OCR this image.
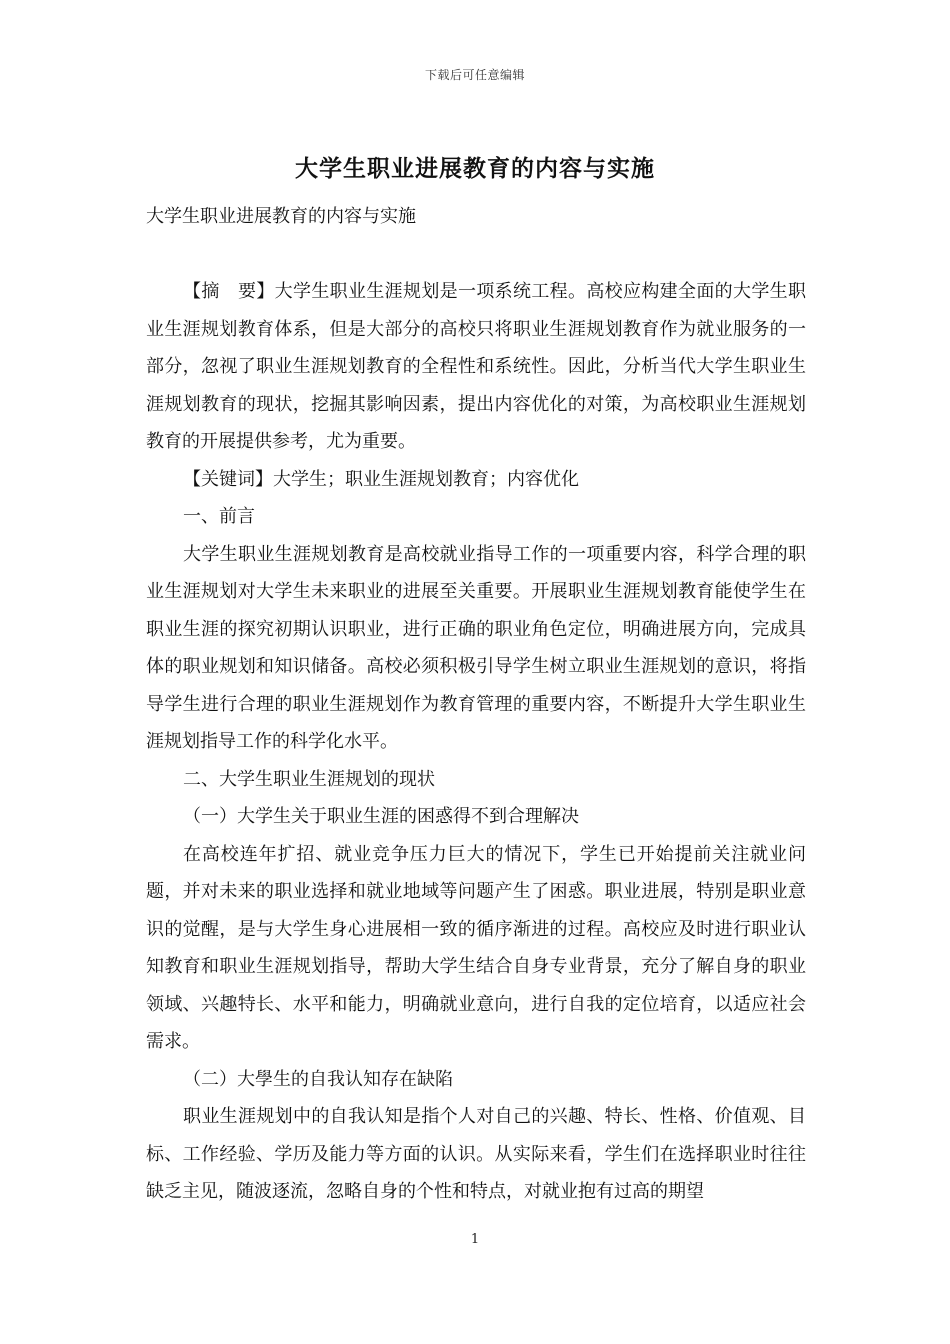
下载后可任意编辑
大学生职业进展教育的内容与实施

大学生职业进展教育的内容与实施

【摘　要】大学生职业生涯规划是一项系统工程。高校应构建全面的大学生职业生涯规划教育体系，但是大部分的高校只将职业生涯规划教育作为就业服务的一部分，忽视了职业生涯规划教育的全程性和系统性。因此，分析当代大学生职业生涯规划教育的现状，挖掘其影响因素，提出内容优化的对策，为高校职业生涯规划教育的开展提供参考，尤为重要。

【关键词】大学生；职业生涯规划教育；内容优化

一、前言

大学生职业生涯规划教育是高校就业指导工作的一项重要内容，科学合理的职业生涯规划对大学生未来职业的进展至关重要。开展职业生涯规划教育能使学生在职业生涯的探究初期认识职业，进行正确的职业角色定位，明确进展方向，完成具体的职业规划和知识储备。高校必须积极引导学生树立职业生涯规划的意识，将指导学生进行合理的职业生涯规划作为教育管理的重要内容，不断提升大学生职业生涯规划指导工作的科学化水平。

二、大学生职业生涯规划的现状

（一）大学生关于职业生涯的困惑得不到合理解决

在高校连年扩招、就业竞争压力巨大的情况下，学生已开始提前关注就业问题，并对未来的职业选择和就业地域等问题产生了困惑。职业进展，特别是职业意识的觉醒，是与大学生身心进展相一致的循序渐进的过程。高校应及时进行职业认知教育和职业生涯规划指导，帮助大学生结合自身专业背景，充分了解自身的职业领域、兴趣特长、水平和能力，明确就业意向，进行自我的定位培育，以适应社会需求。

（二）大學生的自我认知存在缺陷

职业生涯规划中的自我认知是指个人对自己的兴趣、特长、性格、价值观、目标、工作经验、学历及能力等方面的认识。从实际来看，学生们在选择职业时往往缺乏主见，随波逐流，忽略自身的个性和特点，对就业抱有过高的期望

1
